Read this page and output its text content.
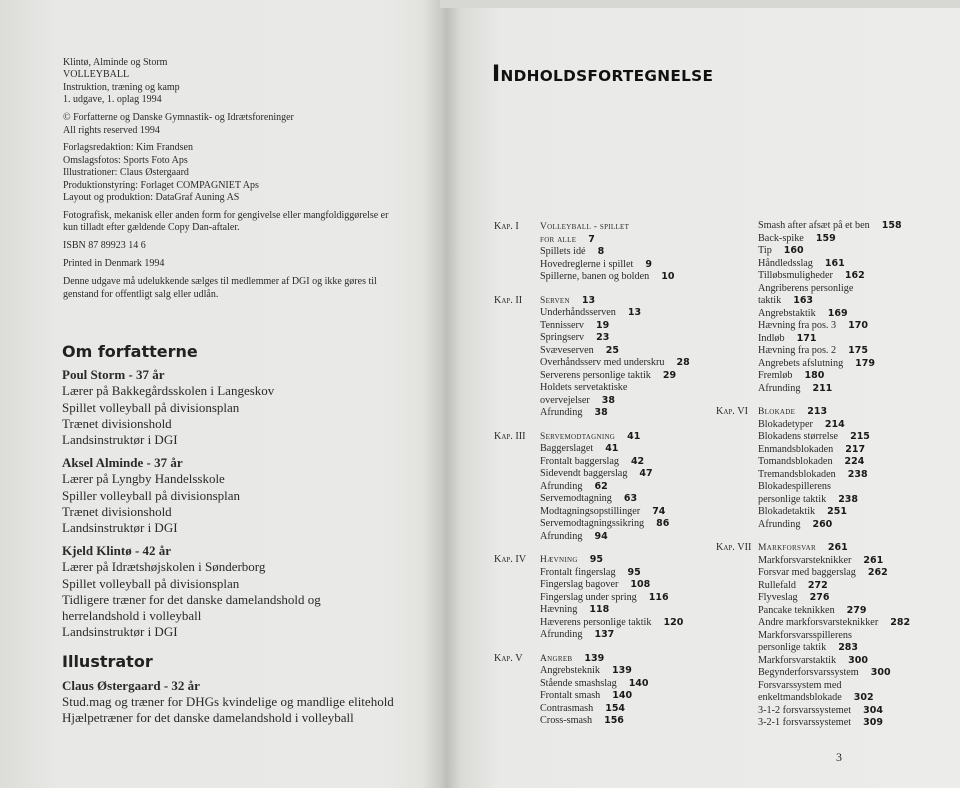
Klintø, Alminde og Storm
VOLLEYBALL
Instruktion, træning og kamp
1. udgave, 1. oplag 1994

© Forfatterne og Danske Gymnastik- og Idrætsforeninger
All rights reserved 1994

Forlagsredaktion: Kim Frandsen
Omslagsfotos: Sports Foto Aps
Illustrationer: Claus Østergaard
Produktionstyring: Forlaget COMPAGNIET Aps
Layout og produktion: DataGraf Auning AS

Fotografisk, mekanisk eller anden form for gengivelse eller mangfoldiggørelse er
kun tilladt efter gældende Copy Dan-aftaler.

ISBN 87 89923 14 6

Printed in Denmark 1994

Denne udgave må udelukkende sælges til medlemmer af DGI og ikke gøres til
genstand for offentligt salg eller udlån.

Om forfatterne
Poul Storm - 37 år
Lærer på Bakkegårdsskolen i Langeskov
Spillet volleyball på divisionsplan
Trænet divisionshold
Landsinstruktør i DGI
Aksel Alminde - 37 år
Lærer på Lyngby Handelsskole
Spiller volleyball på divisionsplan
Trænet divisionshold
Landsinstruktør i DGI
Kjeld Klintø - 42 år
Lærer på Idrætshøjskolen i Sønderborg
Spillet volleyball på divisionsplan
Tidligere træner for det danske damelandshold og
herrelandshold i volleyball
Landsinstruktør i DGI
Illustrator
Claus Østergaard - 32 år
Stud.mag og træner for DHGs kvindelige og mandlige elitehold
Hjælpetræner for det danske damelandshold i volleyball
Indholdsfortegnelse
Kap. I	Volleyball - spillet
for alle 7
Spillets idé 8
Hovedreglerne i spillet 9
Spillerne, banen og bolden 10
Kap. II	Serven 13
Underhåndsserven 13
Tennisserv 19
Springserv 23
Svæveserven 25
Overhåndsserv med underskru 28
Serverens personlige taktik 29
Holdets servetaktiske
overvejelser 38
Afrunding 38
Kap. III	Servemodtagning 41
Baggerslaget 41
Frontalt baggerslag 42
Sidevendt baggerslag 47
Afrunding 62
Servemodtagning 63
Modtagningsopstillinger 74
Servemodtagningssikring 86
Afrunding 94
Kap. IV	Hævning 95
Frontalt fingerslag 95
Fingerslag bagover 108
Fingerslag under spring 116
Hævning 118
Hæverens personlige taktik 120
Afrunding 137
Kap. V	Angreb 139
Angrebsteknik 139
Stående smashslag 140
Frontalt smash 140
Contrasmash 154
Cross-smash 156
Smash after afsæt på et ben 158
Back-spike 159
Tip 160
Håndledsslag 161
Tilløbsmuligheder 162
Angriberens personlige
taktik 163
Angrebstaktik 169
Hævning fra pos. 3 170
Indløb 171
Hævning fra pos. 2 175
Angrebets afslutning 179
Fremløb 180
Afrunding 211
Kap. VI	Blokade 213
Blokadetyper 214
Blokadens størrelse 215
Enmandsblokaden 217
Tomandsblokaden 224
Tremandsblokaden 238
Blokadespillerens
personlige taktik 238
Blokadetaktik 251
Afrunding 260
Kap. VII Markforsvar 261
Markforsvarsteknikker 261
Forsvar med baggerslag 262
Rullefald 272
Flyveslag 276
Pancake teknikken 279
Andre markforsvarsteknikker 282
Markforsvarsspillerens
personlige taktik 283
Markforsvarstaktik 300
Begynderforsvarssystem 300
Forsvarssystem med
enkeltmandsblokade 302
3-1-2 forsvarssystemet 304
3-2-1 forsvarssystemet 309
3
